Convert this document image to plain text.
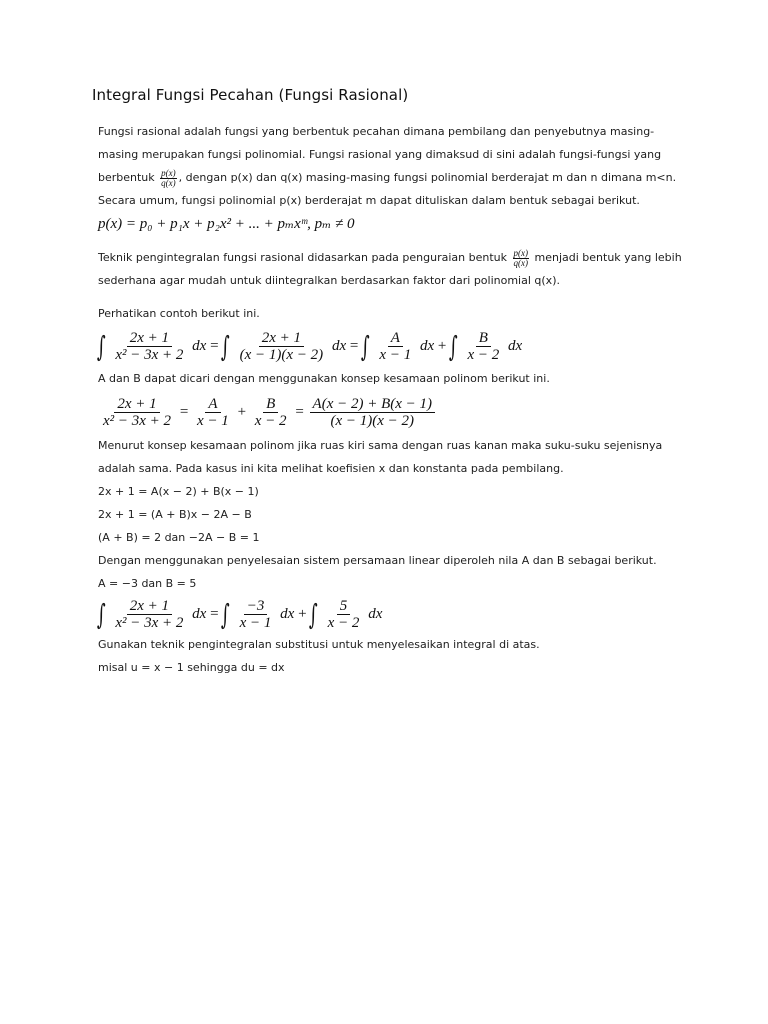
Integral Fungsi Pecahan (Fungsi Rasional)
Fungsi rasional adalah fungsi yang berbentuk pecahan dimana pembilang dan penyebutnya masing-
masing merupakan fungsi polinomial. Fungsi rasional yang dimaksud di sini adalah fungsi-fungsi yang
berbentuk $\frac{p(x)}{q(x)}$ , dengan p(x) dan q(x) masing-masing fungsi polinomial berderajat m dan n dimana m<n.
Secara umum, fungsi polinomial p(x) berderajat m dapat dituliskan dalam bentuk sebagai berikut.
p(x) = p₀ + p₁x + p₂x² + ... + pₘxᵐ, pₘ ≠ 0
Teknik pengintegralan fungsi rasional didasarkan pada penguraian bentuk $\frac{p(x)}{q(x)}$ menjadi bentuk yang lebih
sederhana agar mudah untuk diintegralkan berdasarkan faktor dari polinomial q(x).
Perhatikan contoh berikut ini.
∫ $\frac{2x + 1}{\text{x² − 3x + 2}}$ dx = ∫ $\frac{2x + 1}{(x - 1)(x - 2)}$ dx = ∫ $\frac{A}{x - 1}$ dx + ∫ $\frac{B}{x - 2}$ dx
A dan B dapat dicari dengan menggunakan konsep kesamaan polinom berikut ini.
$\frac{2x + 1}{\text{x² − 3x + 2}} = \frac{A}{x - 1} + \frac{B}{x - 2} = \frac{A(x - 2) + B(x - 1)}{(x - 1)(x - 2)}$
Menurut konsep kesamaan polinom jika ruas kiri sama dengan ruas kanan maka suku-suku sejenisnya
adalah sama. Pada kasus ini kita melihat koefisien x dan konstanta pada pembilang.
2x + 1 = A(x − 2) + B(x − 1)
2x + 1 = (A + B)x − 2A − B
(A + B) = 2 dan −2A − B = 1
Dengan menggunakan penyelesaian sistem persamaan linear diperoleh nila A dan B sebagai berikut.
A = −3 dan B = 5
∫ $\frac{2x + 1}{\text{x² − 3x + 2}}$ dx = ∫ $\frac{-3}{x - 1}$ dx + ∫ $\frac{5}{x - 2}$ dx
Gunakan teknik pengintegralan substitusi untuk menyelesaikan integral di atas.
misal u = x − 1 sehingga du = dx
